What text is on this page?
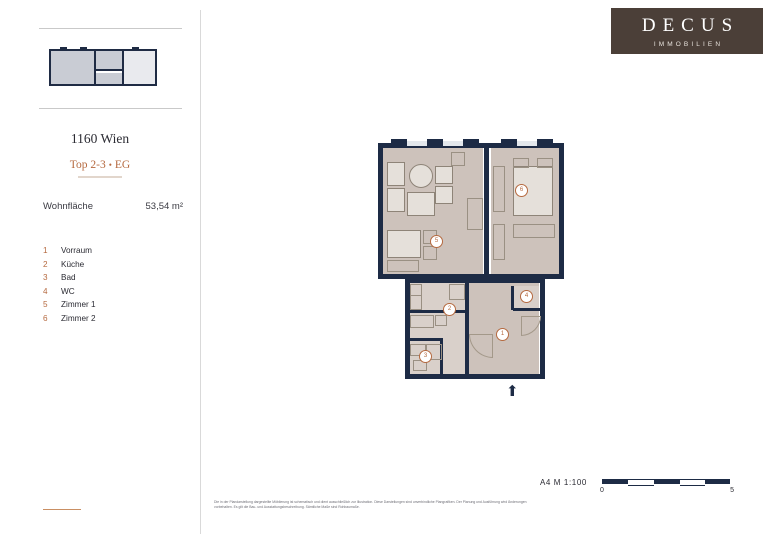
DECUS
IMMOBILIEN
1160 Wien
Top 2-3 • EG
Wohnfläche	53,54 m²
1	Vorraum
2	Küche
3	Bad
4	WC
5	Zimmer 1
6	Zimmer 2
⬆
5
6
2
3
4
1
A4 M 1:100
0	5
Die in der Plandarstellung dargestellte Möblierung ist schematisch und dient ausschließlich zur Illustration. Diese Darstellungen sind unverbindliche Plangrafiken. Der Planung und Ausführung wird Änderungen vorbehalten. Es gilt die Bau- und Ausstattungsbeschreibung. Sämtliche Maße sind Rohbaumaße.
